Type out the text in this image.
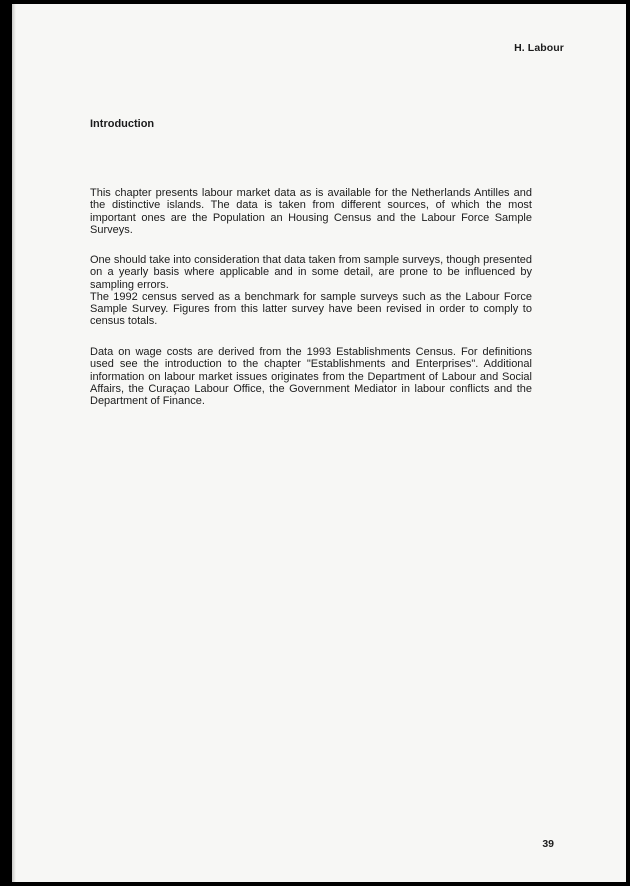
H. Labour
Introduction

This chapter presents labour market data as is available for the Netherlands Antilles and the distinctive islands. The data is taken from different sources, of which the most important ones are the Population an Housing Census and the Labour Force Sample Surveys.

One should take into consideration that data taken from sample surveys, though presented on a yearly basis where applicable and in some detail, are prone to be influenced by sampling errors.

The 1992 census served as a benchmark for sample surveys such as the Labour Force Sample Survey. Figures from this latter survey have been revised in order to comply to census totals.

Data on wage costs are derived from the 1993 Establishments Census. For definitions used see the introduction to the chapter "Establishments and Enterprises". Additional information on labour market issues originates from the Department of Labour and Social Affairs, the Curaçao Labour Office, the Government Mediator in labour conflicts and the Department of Finance.

39
